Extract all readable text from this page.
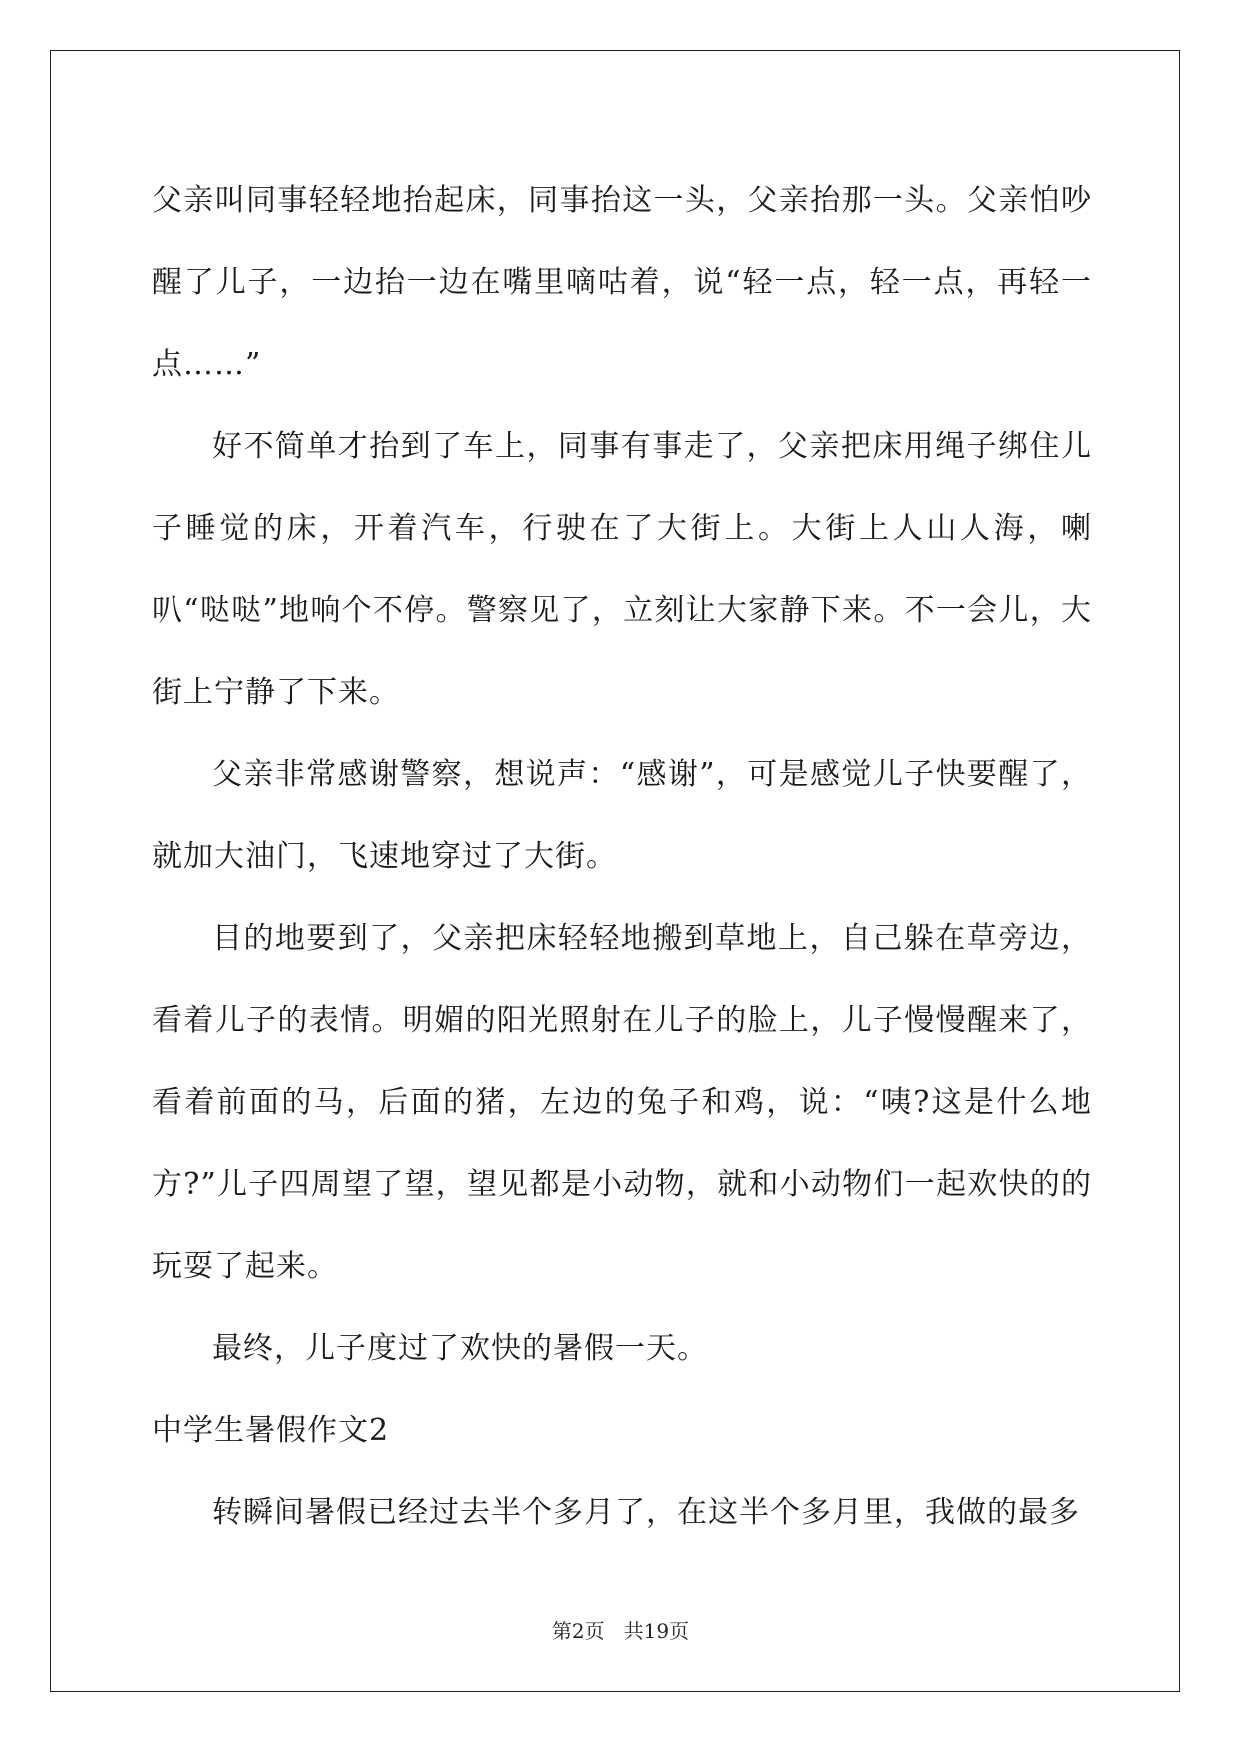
父亲叫同事轻轻地抬起床，同事抬这一头，父亲抬那一头。父亲怕吵醒了儿子，一边抬一边在嘴里嘀咕着，说“轻一点，轻一点，再轻一点……”

好不简单才抬到了车上，同事有事走了，父亲把床用绳子绑住儿子睡觉的床，开着汽车，行驶在了大街上。大街上人山人海，喇叭“哒哒”地响个不停。警察见了，立刻让大家静下来。不一会儿，大街上宁静了下来。

父亲非常感谢警察，想说声：“感谢”，可是感觉儿子快要醒了，就加大油门，飞速地穿过了大街。

目的地要到了，父亲把床轻轻地搬到草地上，自己躲在草旁边，看着儿子的表情。明媚的阳光照射在儿子的脸上，儿子慢慢醒来了，看着前面的马，后面的猪，左边的兔子和鸡，说：“咦?这是什么地方?”儿子四周望了望，望见都是小动物，就和小动物们一起欢快的的玩耍了起来。

最终，儿子度过了欢快的暑假一天。

中学生暑假作文2

转瞬间暑假已经过去半个多月了，在这半个多月里，我做的最多

第2页 共19页
